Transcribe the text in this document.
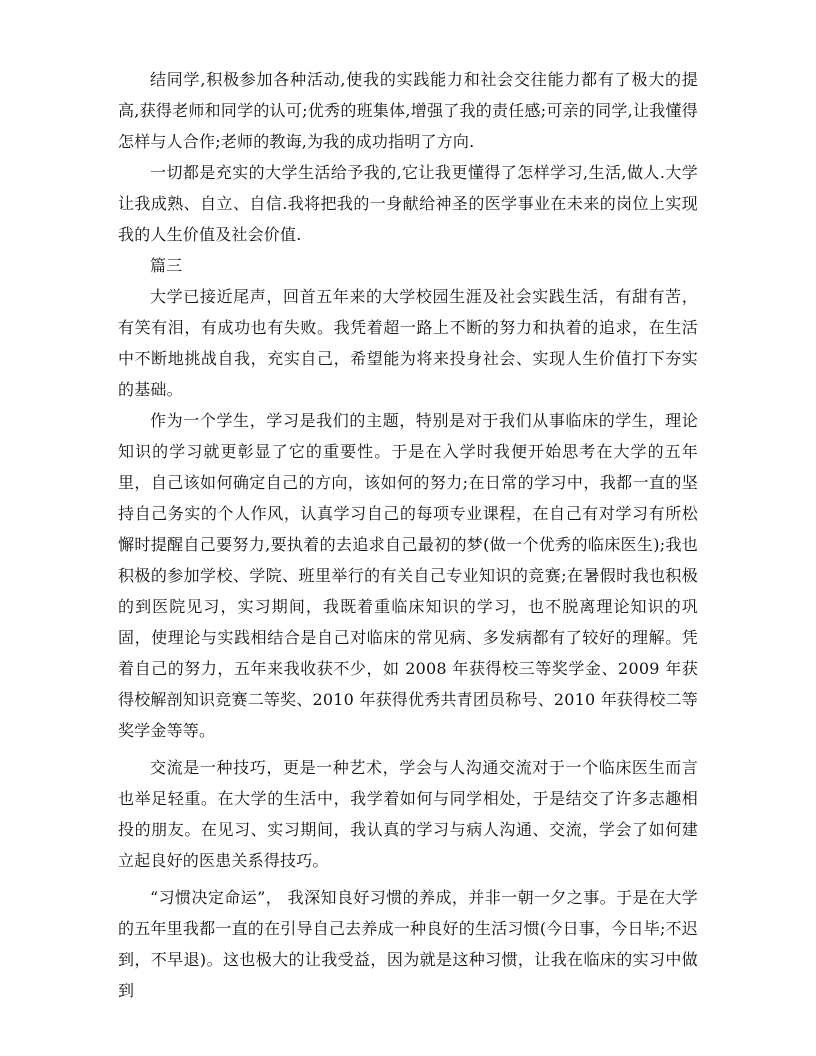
结同学,积极参加各种活动,使我的实践能力和社会交往能力都有了极大的提高,获得老师和同学的认可;优秀的班集体,增强了我的责任感;可亲的同学,让我懂得怎样与人合作;老师的教诲,为我的成功指明了方向.

一切都是充实的大学生活给予我的,它让我更懂得了怎样学习,生活,做人.大学让我成熟、自立、自信.我将把我的一身献给神圣的医学事业在未来的岗位上实现我的人生价值及社会价值.

篇三

大学已接近尾声，回首五年来的大学校园生涯及社会实践生活，有甜有苦，有笑有泪，有成功也有失败。我凭着超一路上不断的努力和执着的追求，在生活中不断地挑战自我，充实自己，希望能为将来投身社会、实现人生价值打下夯实的基础。

作为一个学生，学习是我们的主题，特别是对于我们从事临床的学生，理论知识的学习就更彰显了它的重要性。于是在入学时我便开始思考在大学的五年里，自己该如何确定自己的方向，该如何的努力;在日常的学习中，我都一直的坚持自己务实的个人作风，认真学习自己的每项专业课程，在自己有对学习有所松懈时提醒自己要努力,要执着的去追求自己最初的梦(做一个优秀的临床医生);我也积极的参加学校、学院、班里举行的有关自己专业知识的竞赛;在暑假时我也积极的到医院见习，实习期间，我既着重临床知识的学习，也不脱离理论知识的巩固，使理论与实践相结合是自己对临床的常见病、多发病都有了较好的理解。凭着自己的努力，五年来我收获不少，如 2008 年获得校三等奖学金、2009 年获得校解剖知识竞赛二等奖、2010 年获得优秀共青团员称号、2010 年获得校二等奖学金等等。

交流是一种技巧，更是一种艺术，学会与人沟通交流对于一个临床医生而言也举足轻重。在大学的生活中，我学着如何与同学相处，于是结交了许多志趣相投的朋友。在见习、实习期间，我认真的学习与病人沟通、交流，学会了如何建立起良好的医患关系得技巧。

“习惯决定命运”， 我深知良好习惯的养成，并非一朝一夕之事。于是在大学的五年里我都一直的在引导自己去养成一种良好的生活习惯(今日事，今日毕;不迟到，不早退)。这也极大的让我受益，因为就是这种习惯，让我在临床的实习中做到
